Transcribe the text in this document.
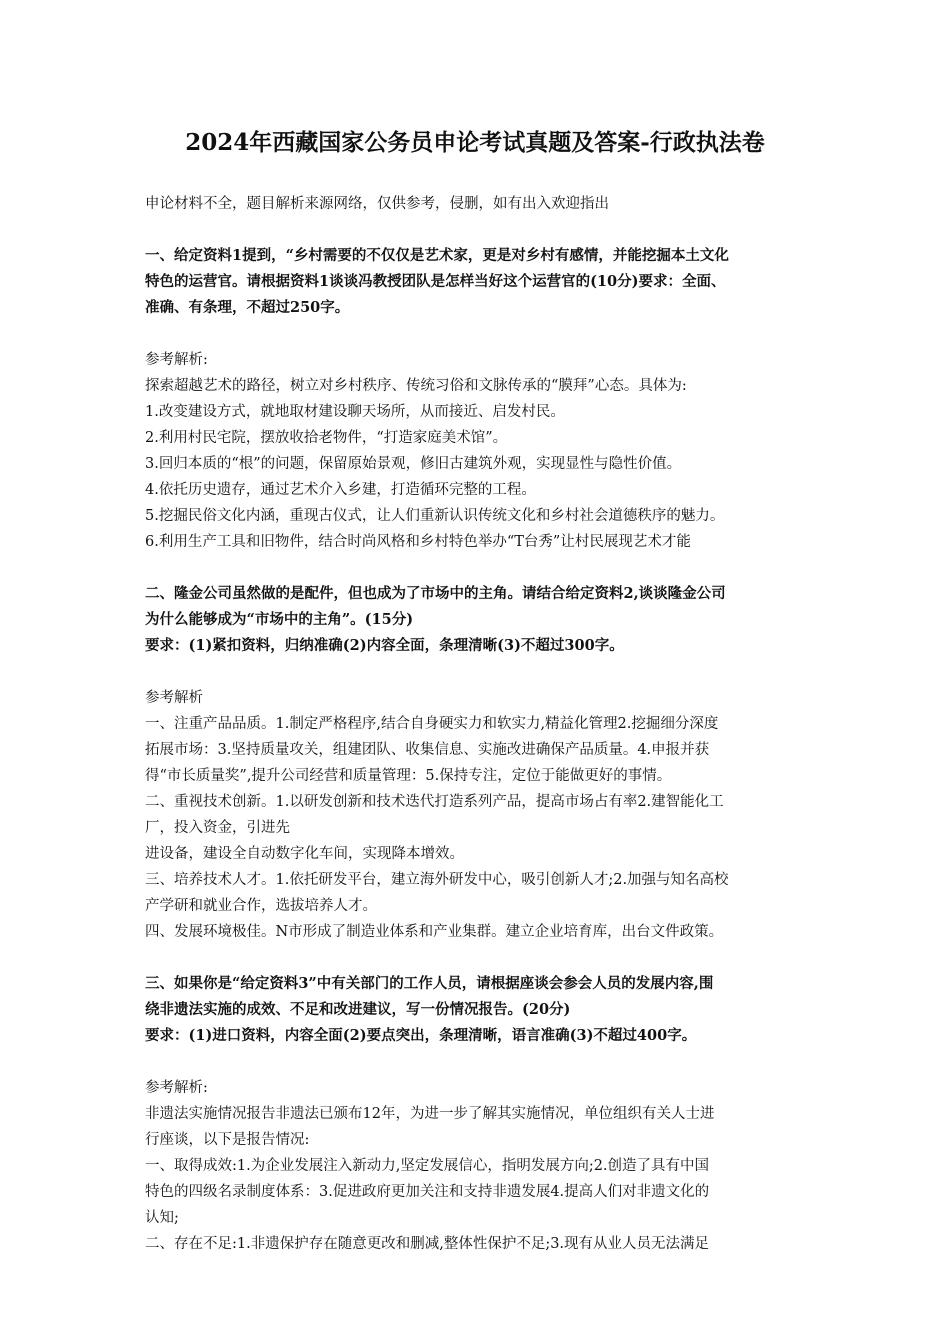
2024年西藏国家公务员申论考试真题及答案-行政执法卷
申论材料不全，题目解析来源网络，仅供参考，侵删，如有出入欢迎指出
一、给定资料1提到，“乡村需要的不仅仅是艺术家，更是对乡村有感情，并能挖掘本土文化
特色的运营官。请根据资料1谈谈冯教授团队是怎样当好这个运营官的(10分)要求：全面、
准确、有条理，不超过250字。
参考解析:
探索超越艺术的路径，树立对乡村秩序、传统习俗和文脉传承的“膜拜”心态。具体为:
1.改变建设方式，就地取材建设聊天场所，从而接近、启发村民。
2.利用村民宅院，摆放收拾老物件，“打造家庭美术馆”。
3.回归本质的“根”的问题，保留原始景观，修旧古建筑外观，实现显性与隐性价值。
4.依托历史遗存，通过艺术介入乡建，打造循环完整的工程。
5.挖掘民俗文化内涵，重现古仪式，让人们重新认识传统文化和乡村社会道德秩序的魅力。
6.利用生产工具和旧物件，结合时尚风格和乡村特色举办“T台秀”让村民展现艺术才能
二、隆金公司虽然做的是配件，但也成为了市场中的主角。请结合给定资料2,谈谈隆金公司
为什么能够成为“市场中的主角”。(15分)
要求：(1)紧扣资料，归纳准确(2)内容全面，条理清晰(3)不超过300字。
参考解析
一、注重产品品质。1.制定严格程序,结合自身硬实力和软实力,精益化管理2.挖掘细分深度
拓展市场：3.坚持质量攻关，组建团队、收集信息、实施改进确保产品质量。4.申报并获
得“市长质量奖”,提升公司经营和质量管理：5.保持专注，定位于能做更好的事情。
二、重视技术创新。1.以研发创新和技术迭代打造系列产品，提高市场占有率2.建智能化工
厂，投入资金，引进先
进设备，建设全自动数字化车间，实现降本增效。
三、培养技术人才。1.依托研发平台，建立海外研发中心，吸引创新人才;2.加强与知名高校
产学研和就业合作，选拔培养人才。
四、发展环境极佳。N市形成了制造业体系和产业集群。建立企业培育库，出台文件政策。
三、如果你是“给定资料3”中有关部门的工作人员，请根据座谈会参会人员的发展内容,围
绕非遗法实施的成效、不足和改进建议，写一份情况报告。(20分)
要求：(1)进口资料，内容全面(2)要点突出，条理清晰，语言准确(3)不超过400字。
参考解析:
非遗法实施情况报告非遗法已颁布12年，为进一步了解其实施情况，单位组织有关人士进
行座谈，以下是报告情况:
一、取得成效:1.为企业发展注入新动力,坚定发展信心，指明发展方向;2.创造了具有中国
特色的四级名录制度体系：3.促进政府更加关注和支持非遗发展4.提高人们对非遗文化的
认知;
二、存在不足:1.非遗保护存在随意更改和删减,整体性保护不足;3.现有从业人员无法满足
